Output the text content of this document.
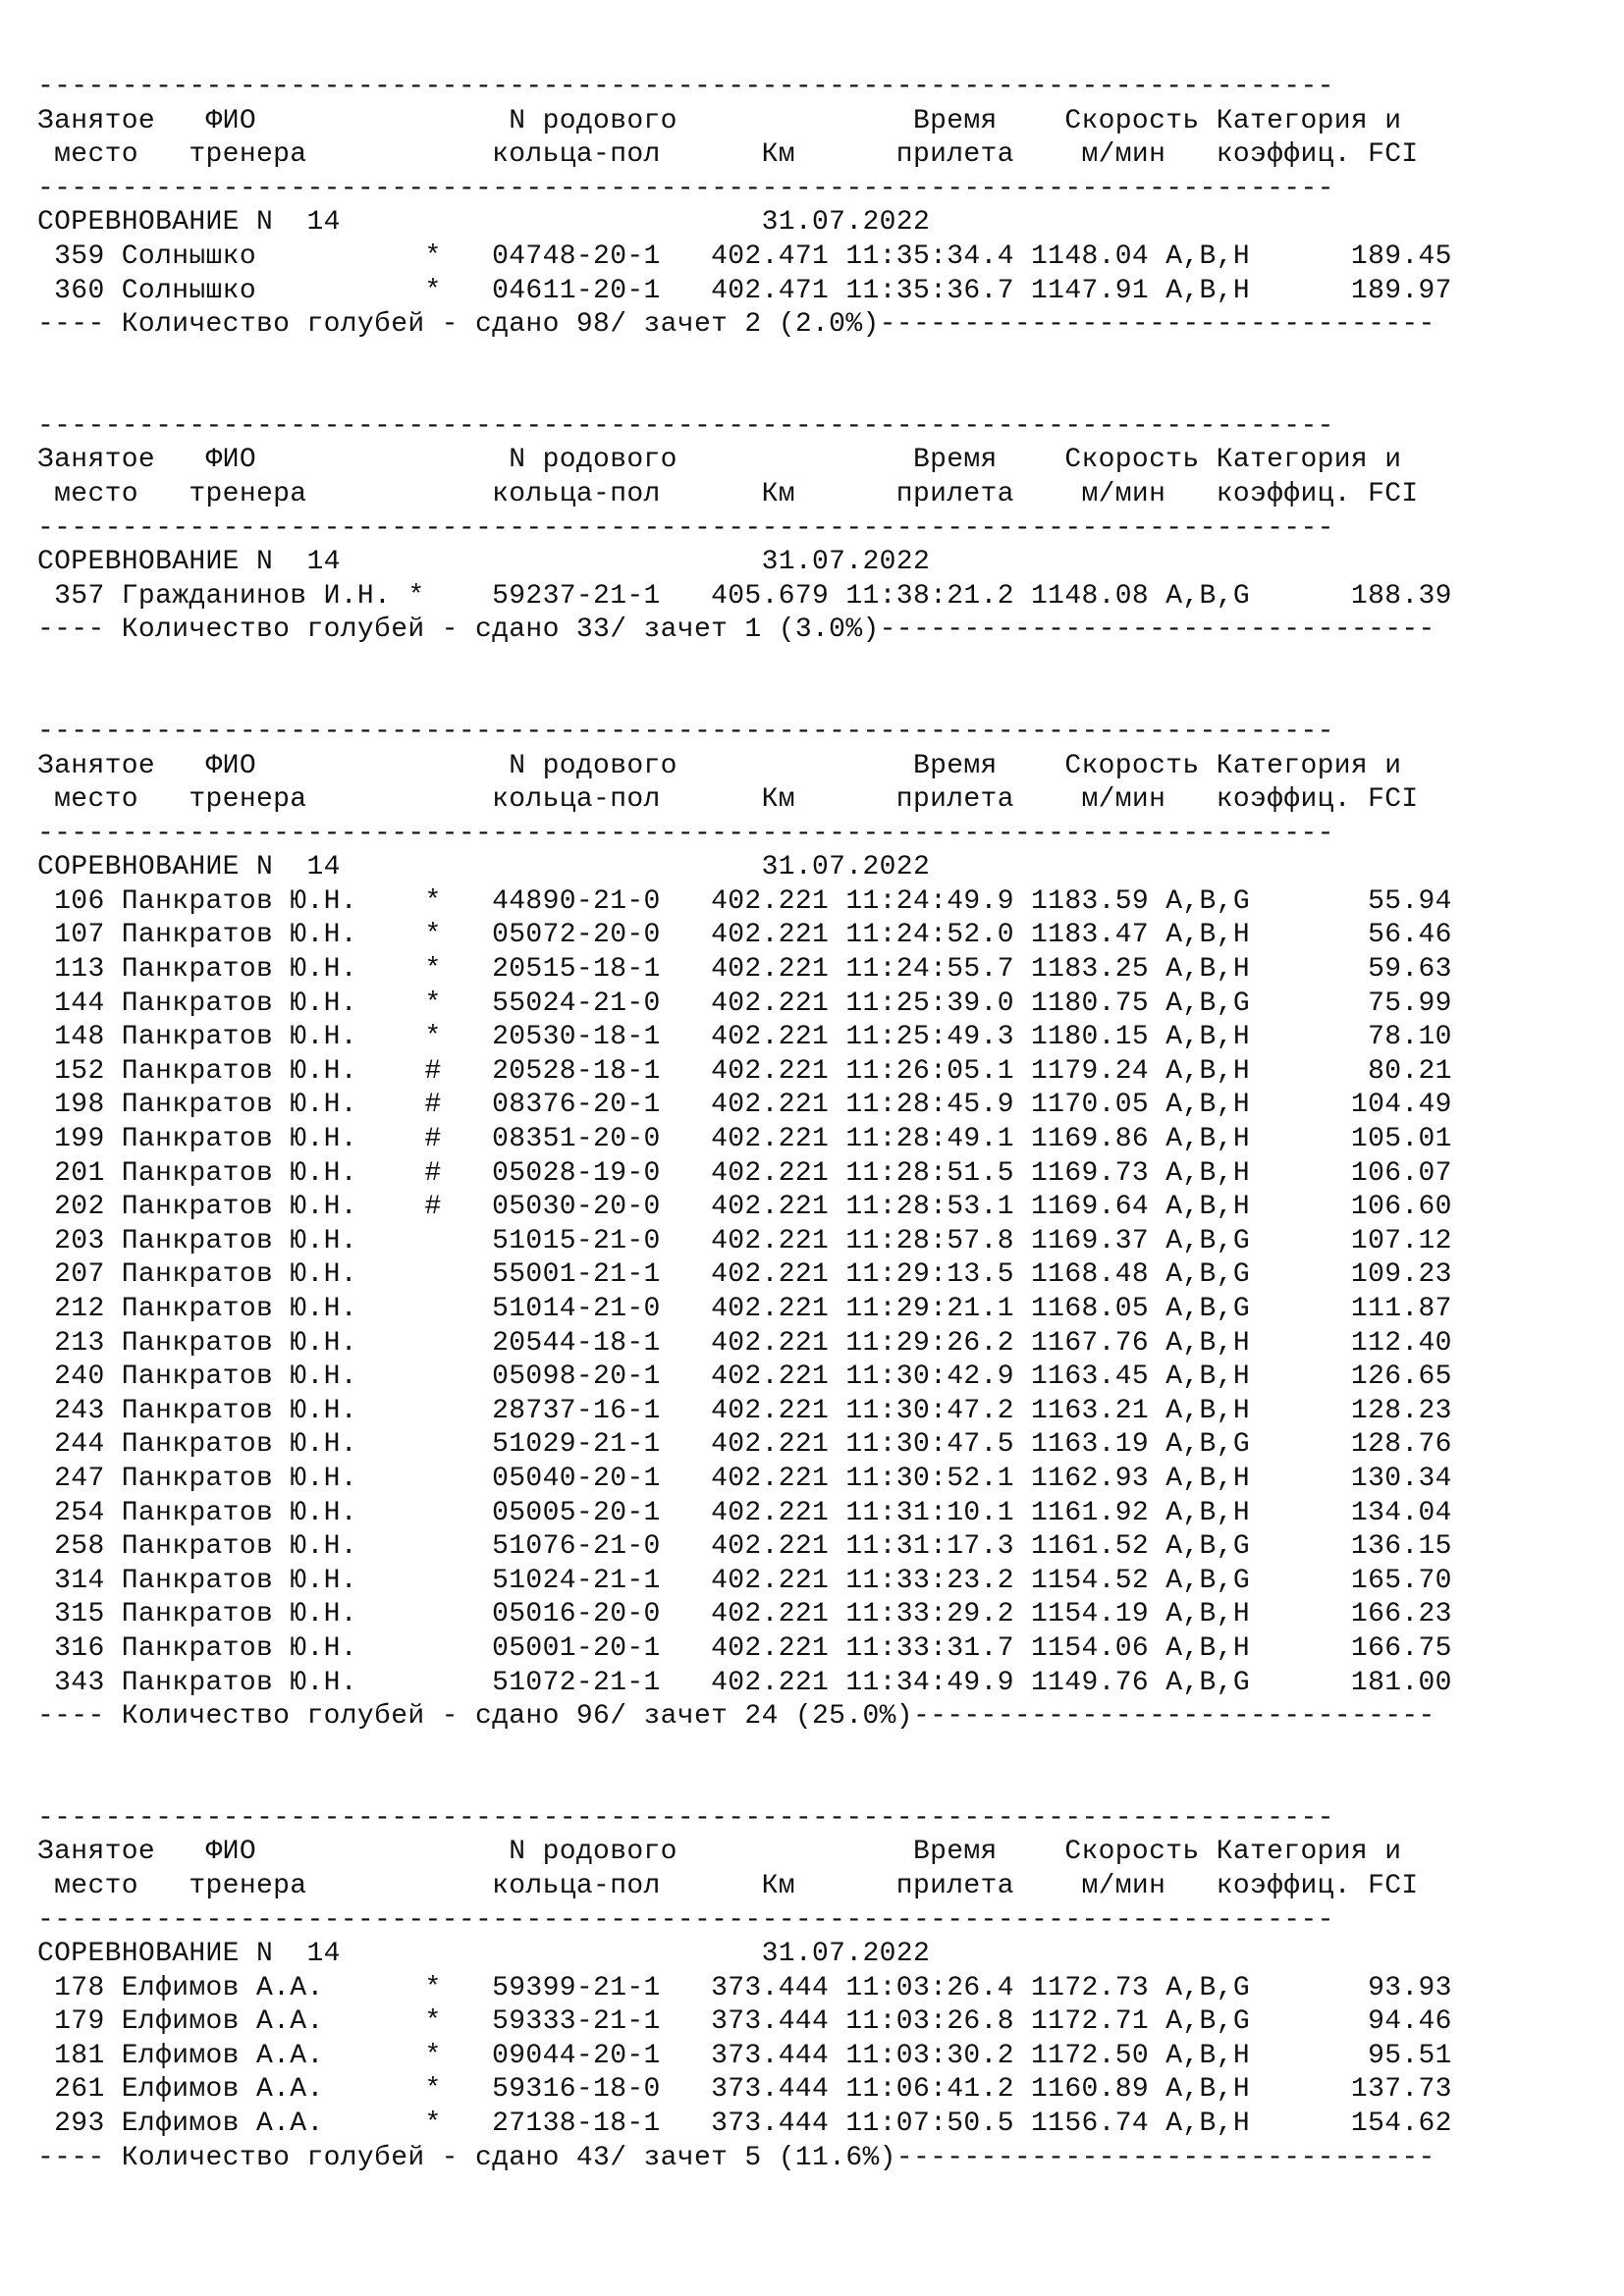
-----------------------------------------------------------------------------
Занятое   ФИО               N родового              Время    Скорость Категория и
место   тренера           кольца-пол      Км      прилета    м/мин   коэффиц. FCI
-----------------------------------------------------------------------------
СОРЕВНОВАНИЕ N  14                         31.07.2022
359 Солнышко          *   04748-20-1   402.471 11:35:34.4 1148.04 A,B,H      189.45
360 Солнышко          *   04611-20-1   402.471 11:35:36.7 1147.91 A,B,H      189.97
---- Количество голубей - сдано 98/ зачет 2 (2.0%)---------------------------------
-----------------------------------------------------------------------------
Занятое   ФИО               N родового              Время    Скорость Категория и
место   тренера           кольца-пол      Км      прилета    м/мин   коэффиц. FCI
-----------------------------------------------------------------------------
СОРЕВНОВАНИЕ N  14                         31.07.2022
357 Гражданинов И.Н. *    59237-21-1   405.679 11:38:21.2 1148.08 A,B,G      188.39
---- Количество голубей - сдано 33/ зачет 1 (3.0%)---------------------------------
-----------------------------------------------------------------------------
Занятое   ФИО               N родового              Время    Скорость Категория и
место   тренера           кольца-пол      Км      прилета    м/мин   коэффиц. FCI
-----------------------------------------------------------------------------
СОРЕВНОВАНИЕ N  14                         31.07.2022
106 Панкратов Ю.Н.    *   44890-21-0   402.221 11:24:49.9 1183.59 A,B,G       55.94
107 Панкратов Ю.Н.    *   05072-20-0   402.221 11:24:52.0 1183.47 A,B,H       56.46
113 Панкратов Ю.Н.    *   20515-18-1   402.221 11:24:55.7 1183.25 A,B,H       59.63
144 Панкратов Ю.Н.    *   55024-21-0   402.221 11:25:39.0 1180.75 A,B,G       75.99
148 Панкратов Ю.Н.    *   20530-18-1   402.221 11:25:49.3 1180.15 A,B,H       78.10
152 Панкратов Ю.Н.    #   20528-18-1   402.221 11:26:05.1 1179.24 A,B,H       80.21
198 Панкратов Ю.Н.    #   08376-20-1   402.221 11:28:45.9 1170.05 A,B,H      104.49
199 Панкратов Ю.Н.    #   08351-20-0   402.221 11:28:49.1 1169.86 A,B,H      105.01
201 Панкратов Ю.Н.    #   05028-19-0   402.221 11:28:51.5 1169.73 A,B,H      106.07
202 Панкратов Ю.Н.    #   05030-20-0   402.221 11:28:53.1 1169.64 A,B,H      106.60
203 Панкратов Ю.Н.        51015-21-0   402.221 11:28:57.8 1169.37 A,B,G      107.12
207 Панкратов Ю.Н.        55001-21-1   402.221 11:29:13.5 1168.48 A,B,G      109.23
212 Панкратов Ю.Н.        51014-21-0   402.221 11:29:21.1 1168.05 A,B,G      111.87
213 Панкратов Ю.Н.        20544-18-1   402.221 11:29:26.2 1167.76 A,B,H      112.40
240 Панкратов Ю.Н.        05098-20-1   402.221 11:30:42.9 1163.45 A,B,H      126.65
243 Панкратов Ю.Н.        28737-16-1   402.221 11:30:47.2 1163.21 A,B,H      128.23
244 Панкратов Ю.Н.        51029-21-1   402.221 11:30:47.5 1163.19 A,B,G      128.76
247 Панкратов Ю.Н.        05040-20-1   402.221 11:30:52.1 1162.93 A,B,H      130.34
254 Панкратов Ю.Н.        05005-20-1   402.221 11:31:10.1 1161.92 A,B,H      134.04
258 Панкратов Ю.Н.        51076-21-0   402.221 11:31:17.3 1161.52 A,B,G      136.15
314 Панкратов Ю.Н.        51024-21-1   402.221 11:33:23.2 1154.52 A,B,G      165.70
315 Панкратов Ю.Н.        05016-20-0   402.221 11:33:29.2 1154.19 A,B,H      166.23
316 Панкратов Ю.Н.        05001-20-1   402.221 11:33:31.7 1154.06 A,B,H      166.75
343 Панкратов Ю.Н.        51072-21-1   402.221 11:34:49.9 1149.76 A,B,G      181.00
---- Количество голубей - сдано 96/ зачет 24 (25.0%)-------------------------------
-----------------------------------------------------------------------------
Занятое   ФИО               N родового              Время    Скорость Категория и
место   тренера           кольца-пол      Км      прилета    м/мин   коэффиц. FCI
-----------------------------------------------------------------------------
СОРЕВНОВАНИЕ N  14                         31.07.2022
178 Елфимов А.А.      *   59399-21-1   373.444 11:03:26.4 1172.73 A,B,G       93.93
179 Елфимов А.А.      *   59333-21-1   373.444 11:03:26.8 1172.71 A,B,G       94.46
181 Елфимов А.А.      *   09044-20-1   373.444 11:03:30.2 1172.50 A,B,H       95.51
261 Елфимов А.А.      *   59316-18-0   373.444 11:06:41.2 1160.89 A,B,H      137.73
293 Елфимов А.А.      *   27138-18-1   373.444 11:07:50.5 1156.74 A,B,H      154.62
---- Количество голубей - сдано 43/ зачет 5 (11.6%)--------------------------------
